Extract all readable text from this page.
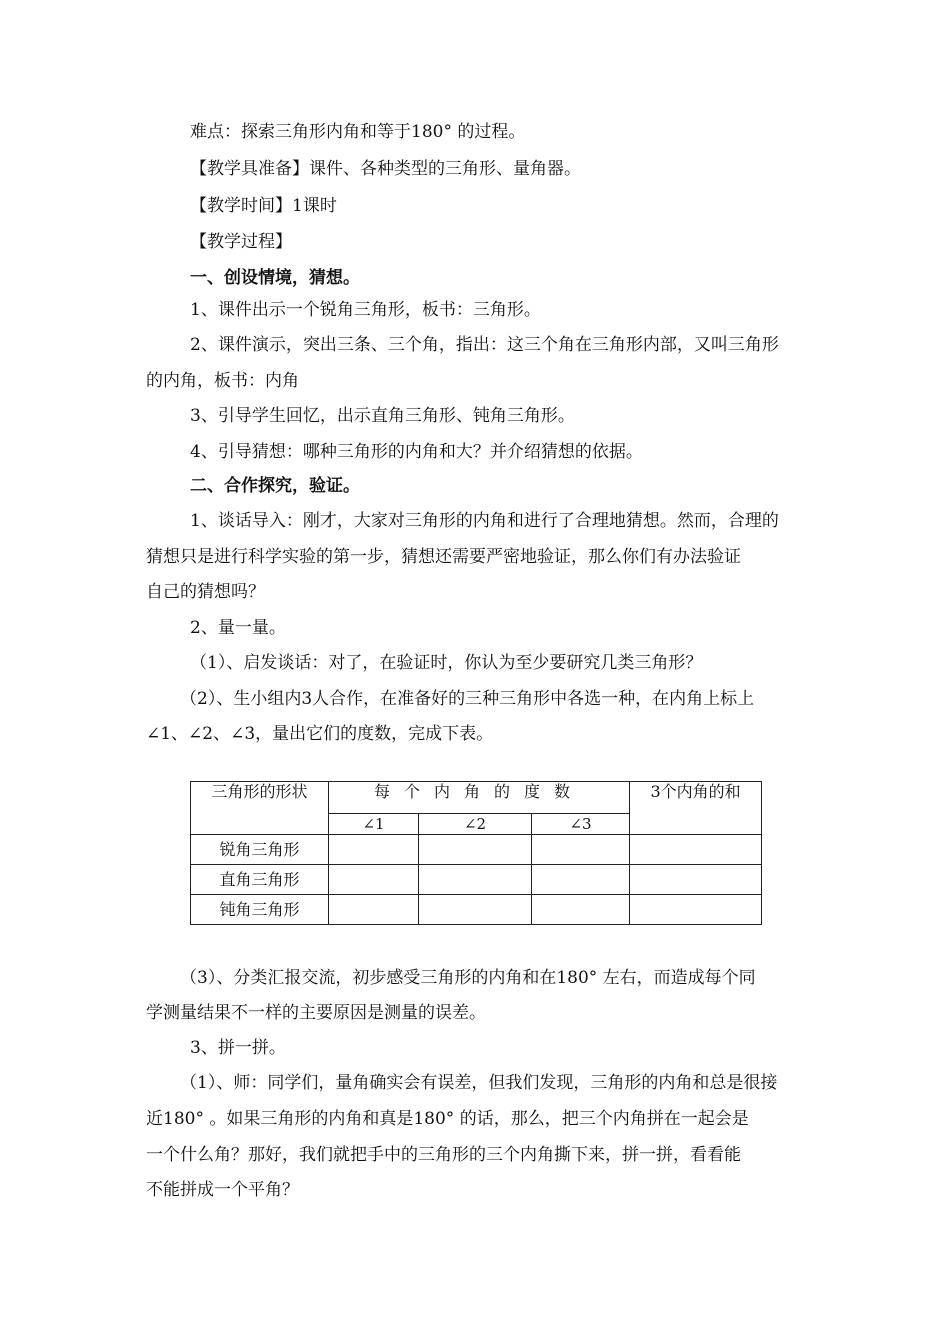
难点：探索三角形内角和等于180° 的过程。
【教学具准备】课件、各种类型的三角形、量角器。
【教学时间】1课时
【教学过程】
一、创设情境，猜想。
1、课件出示一个锐角三角形，板书：三角形。
2、课件演示，突出三条、三个角，指出：这三个角在三角形内部，又叫三角形
的内角，板书：内角
3、引导学生回忆，出示直角三角形、钝角三角形。
4、引导猜想：哪种三角形的内角和大？并介绍猜想的依据。
二、合作探究，验证。
1、谈话导入：刚才，大家对三角形的内角和进行了合理地猜想。然而，合理的
猜想只是进行科学实验的第一步，猜想还需要严密地验证，那么你们有办法验证
自己的猜想吗？
2、量一量。
（1）、启发谈话：对了，在验证时，你认为至少要研究几类三角形？
（2）、生小组内3人合作，在准备好的三种三角形中各选一种，在内角上标上
∠1、∠2、∠3，量出它们的度数，完成下表。
三角形的形状	每个内角的度数			3个内角的和
	∠1	∠2	∠3	
锐角三角形				
直角三角形				
钝角三角形				
（3）、分类汇报交流，初步感受三角形的内角和在180° 左右，而造成每个同
学测量结果不一样的主要原因是测量的误差。
3、拼一拼。
（1）、师：同学们，量角确实会有误差，但我们发现，三角形的内角和总是很接
近180° 。如果三角形的内角和真是180° 的话，那么，把三个内角拼在一起会是
一个什么角？那好，我们就把手中的三角形的三个内角撕下来，拼一拼，看看能
不能拼成一个平角？
